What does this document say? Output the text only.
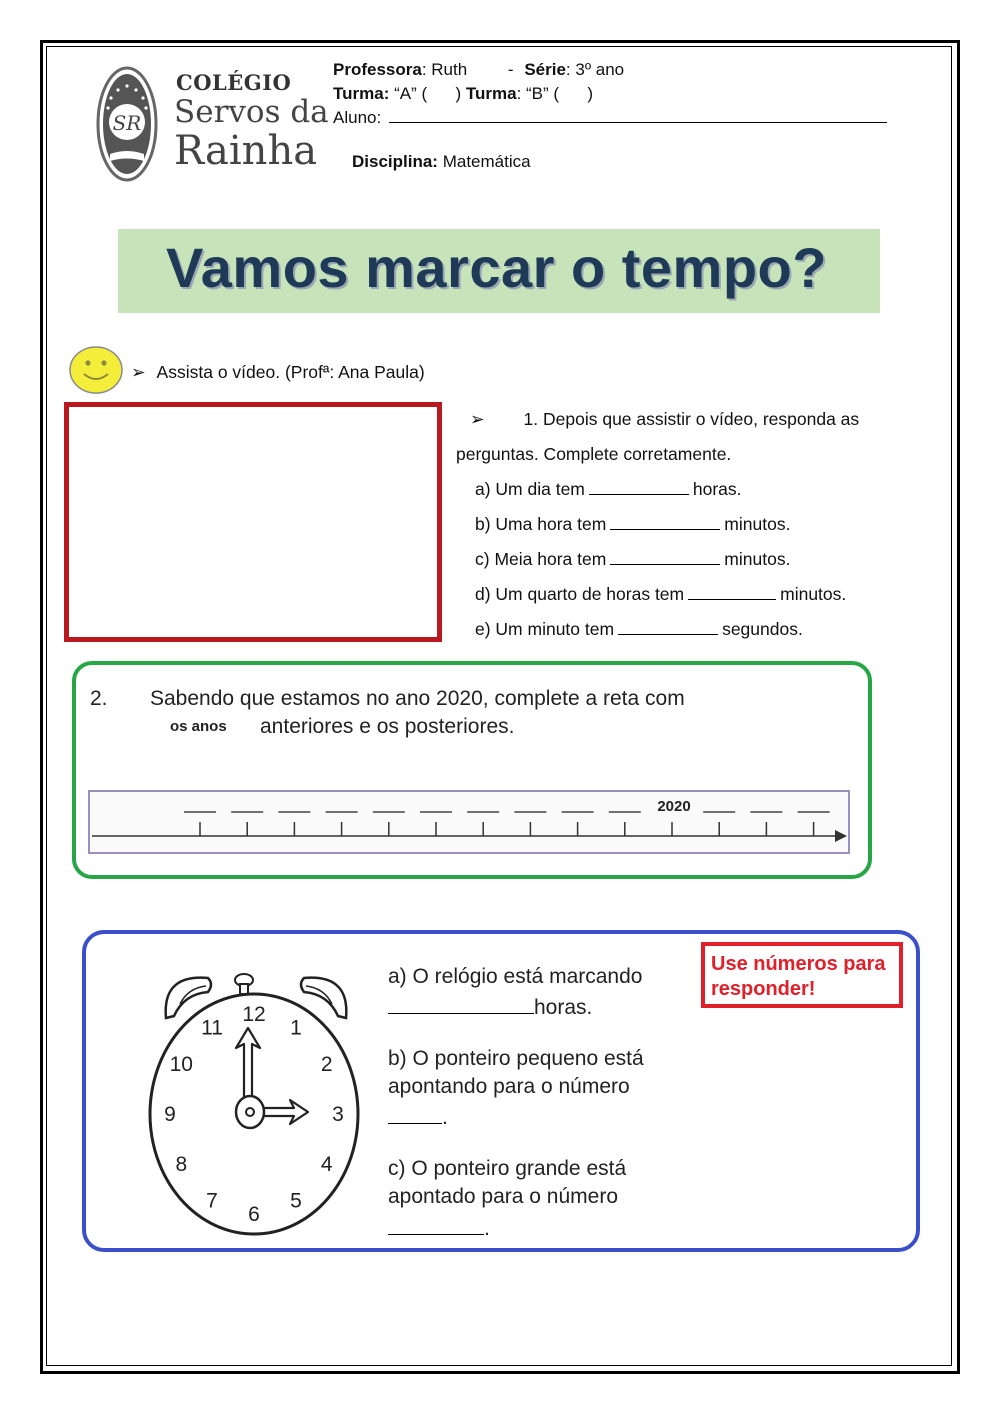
SR
COLÉGIO
Servos da
Rainha
Professora: Ruth - Série: 3º ano
Turma: “A” (      ) Turma: “B” (      )
Aluno:
Disciplina: Matemática
Vamos marcar o tempo?
➢ Assista o vídeo. (Profª: Ana Paula)
➢ 1. Depois que assistir o vídeo, responda as
perguntas. Complete corretamente.
a) Um dia tem	horas.
b) Uma hora tem	minutos.
c) Meia hora tem	minutos.
d) Um quarto de horas tem	minutos.
e) Um minuto tem	segundos.
2. Sabendo que estamos no ano 2020, complete a reta com
os anos anteriores e os posteriores.
2020
12
1
2
3
4
5
6
7
8
9
10
11
a) O relógio está marcando
horas.
b) O ponteiro pequeno está
apontando para o número
.
c) O ponteiro grande está
apontado para o número
.
Use números para responder!
